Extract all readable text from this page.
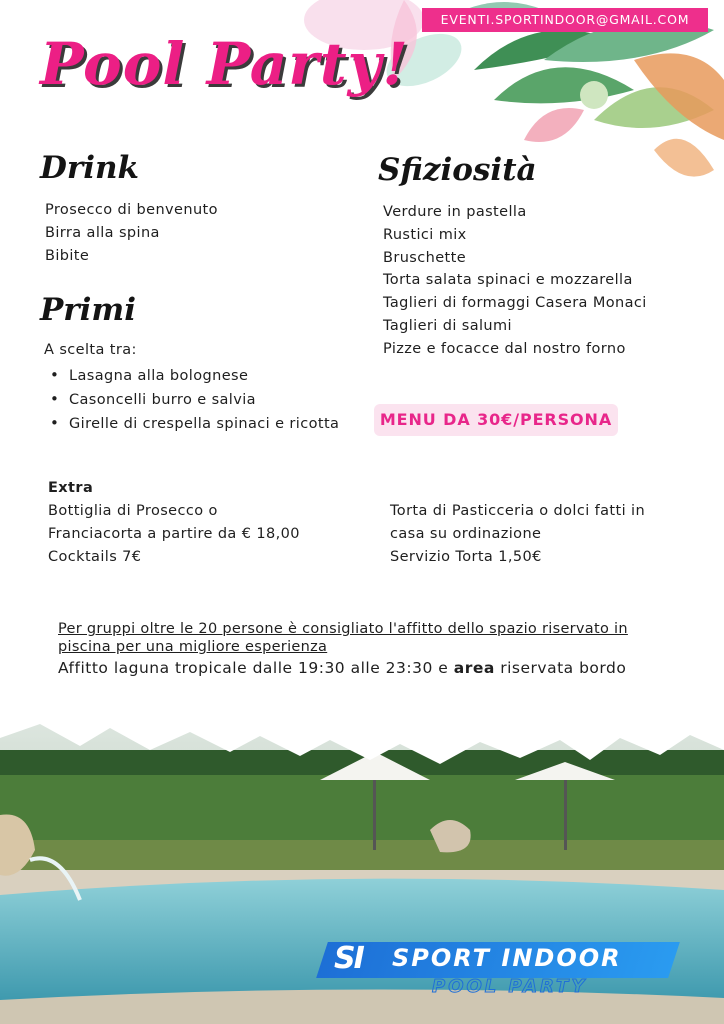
EVENTI.SPORTINDOOR@GMAIL.COM
Pool Party!
Drink
Prosecco di benvenuto
Birra alla spina
Bibite
Sfiziosità
Verdure in pastella
Rustici mix
Bruschette
Torta salata spinaci e mozzarella
Taglieri di formaggi Casera Monaci
Taglieri di salumi
Pizze e focacce dal nostro forno
Primi
A scelta tra:
• Lasagna alla bolognese
• Casoncelli burro e salvia
• Girelle di crespella spinaci e ricotta	MENU DA 30€/PERSONA
Extra
Bottiglia di Prosecco o
Franciacorta a partire da € 18,00
Cocktails 7€
Torta di Pasticceria o dolci fatti in
casa su ordinazione
Servizio Torta 1,50€
Per gruppi oltre le 20 persone è consigliato l'affitto dello spazio riservato in piscina per una migliore esperienza
Affitto laguna tropicale dalle 19:30 alle 23:30 e area riservata bordo
SI SPORT INDOOR
POOL PARTY
